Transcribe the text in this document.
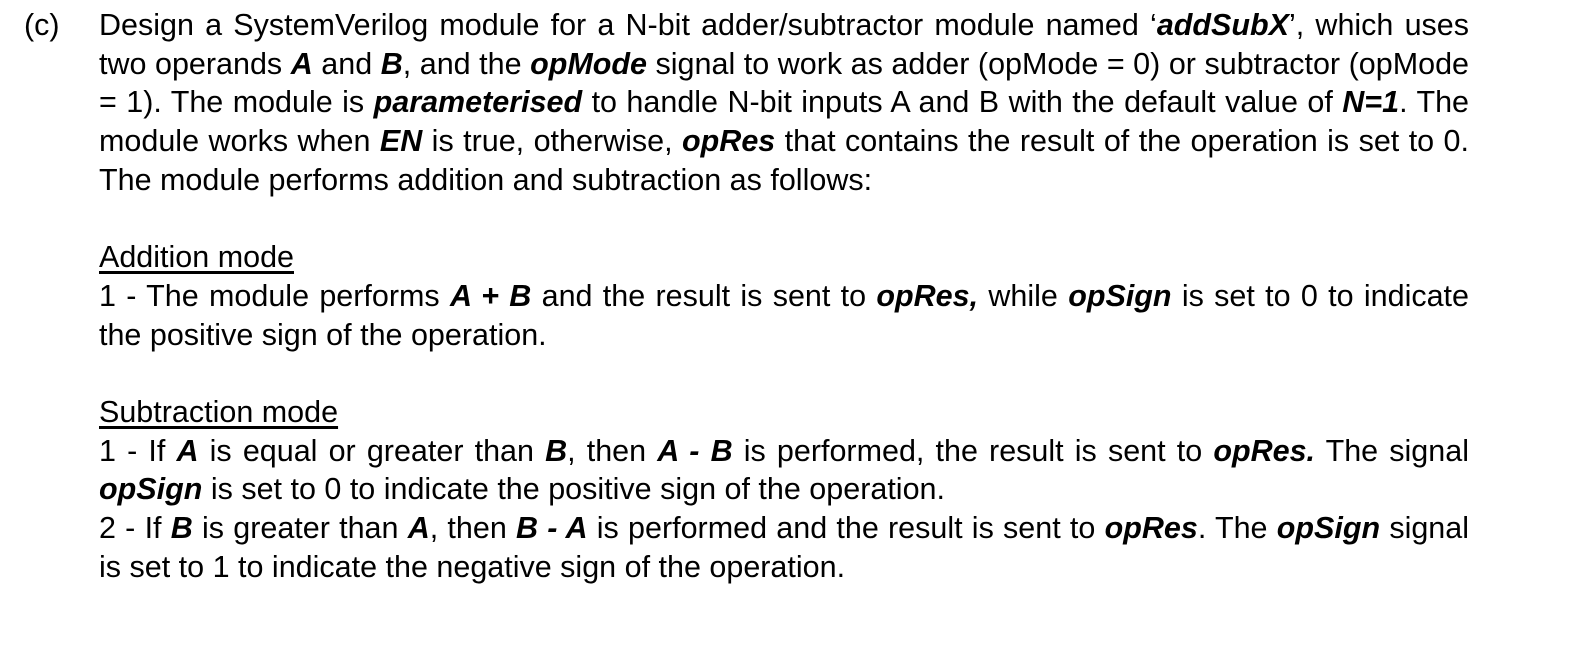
(c) Design a SystemVerilog module for a N-bit adder/subtractor module named ‘addSubX’, which uses two operands A and B, and the opMode signal to work as adder (opMode = 0) or subtractor (opMode = 1). The module is parameterised to handle N-bit inputs A and B with the default value of N=1. The module works when EN is true, otherwise, opRes that contains the result of the operation is set to 0. The module performs addition and subtraction as follows:

Addition mode

1 - The module performs A + B and the result is sent to opRes, while opSign is set to 0 to indicate the positive sign of the operation.

Subtraction mode

1 - If A is equal or greater than B, then A - B is performed, the result is sent to opRes. The signal opSign is set to 0 to indicate the positive sign of the operation.

2 - If B is greater than A, then B - A is performed and the result is sent to opRes. The opSign signal is set to 1 to indicate the negative sign of the operation.
